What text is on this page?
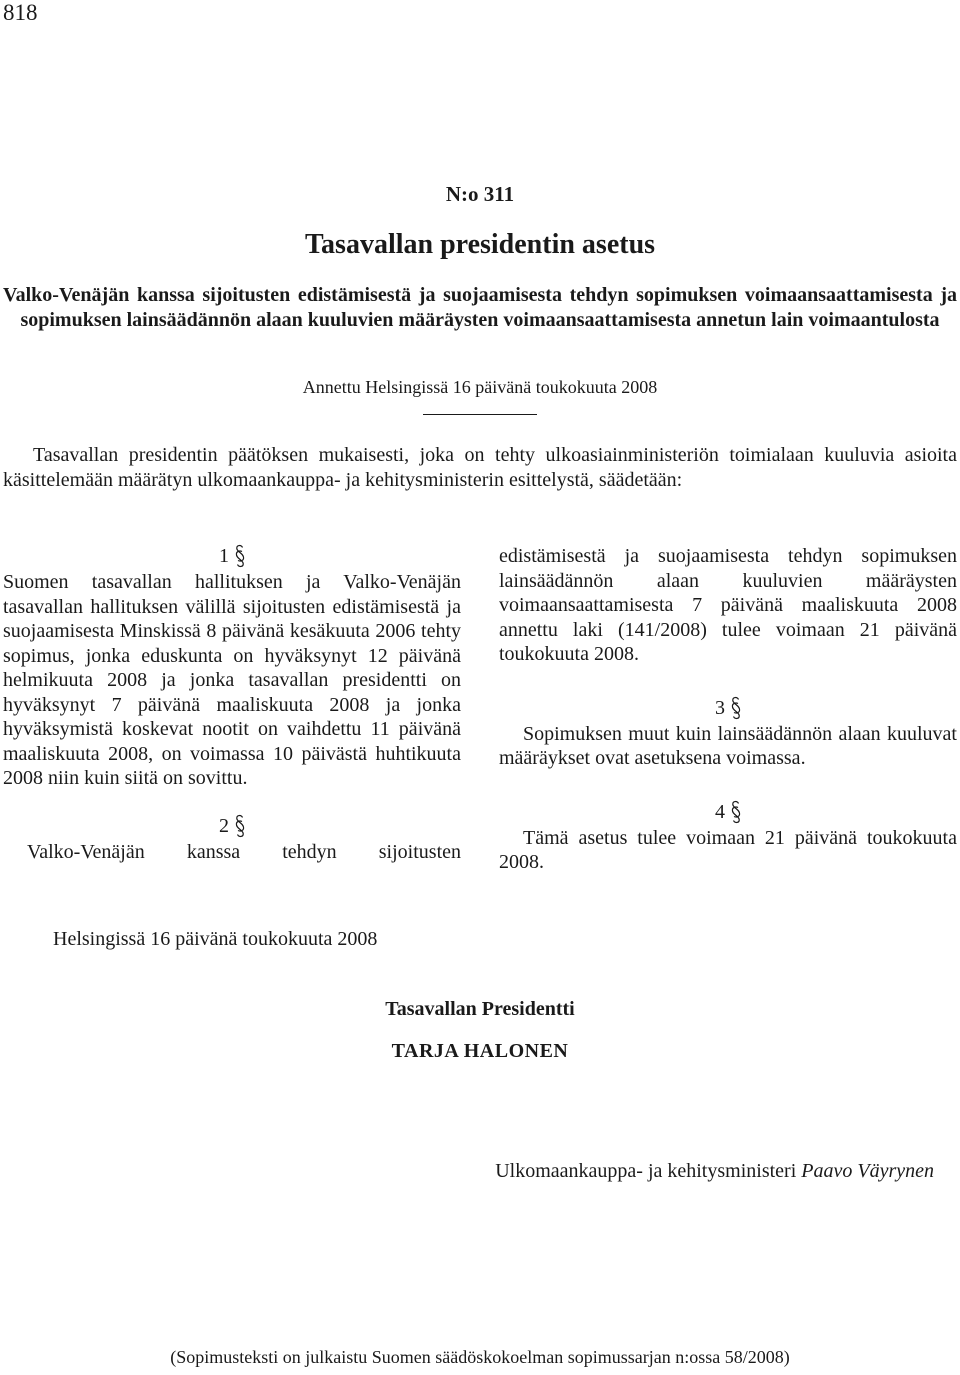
818
N:o 311
Tasavallan presidentin asetus
Valko-Venäjän kanssa sijoitusten edistämisestä ja suojaamisesta tehdyn sopimuksen voimaansaattamisesta ja sopimuksen lainsäädännön alaan kuuluvien määräysten voimaansaattamisesta annetun lain voimaantulosta
Annettu Helsingissä 16 päivänä toukokuuta 2008

Tasavallan presidentin päätöksen mukaisesti, joka on tehty ulkoasiainministeriön toimialaan kuuluvia asioita käsittelemään määrätyn ulkomaankauppa- ja kehitysministerin esittelystä, säädetään:

1

Suomen tasavallan hallituksen ja Valko-Venäjän tasavallan hallituksen välillä sijoitusten edistämisestä ja suojaamisesta Minskissä 8 päivänä kesäkuuta 2006 tehty sopimus, jonka eduskunta on hyväksynyt 12 päivänä helmikuuta 2008 ja jonka tasavallan presidentti on hyväksynyt 7 päivänä maaliskuuta 2008 ja jonka hyväksymistä koskevat nootit on vaihdettu 11 päivänä maaliskuuta 2008, on voimassa 10 päivästä huhtikuuta 2008 niin kuin siitä on sovittu.

2

Valko-Venäjän kanssa tehdyn sijoitusten

edistämisestä ja suojaamisesta tehdyn sopimuksen lainsäädännön alaan kuuluvien määräysten voimaansaattamisesta 7 päivänä maaliskuuta 2008 annettu laki (141/2008) tulee voimaan 21 päivänä toukokuuta 2008.

3

Sopimuksen muut kuin lainsäädännön alaan kuuluvat määräykset ovat asetuksena voimassa.

4

Tämä asetus tulee voimaan 21 päivänä toukokuuta 2008.

Helsingissä 16 päivänä toukokuuta 2008
Tasavallan Presidentti
TARJA HALONEN
Ulkomaankauppa- ja kehitysministeri Paavo Väyrynen
(Sopimusteksti on julkaistu Suomen säädöskokoelman sopimussarjan n:ossa 58/2008)
